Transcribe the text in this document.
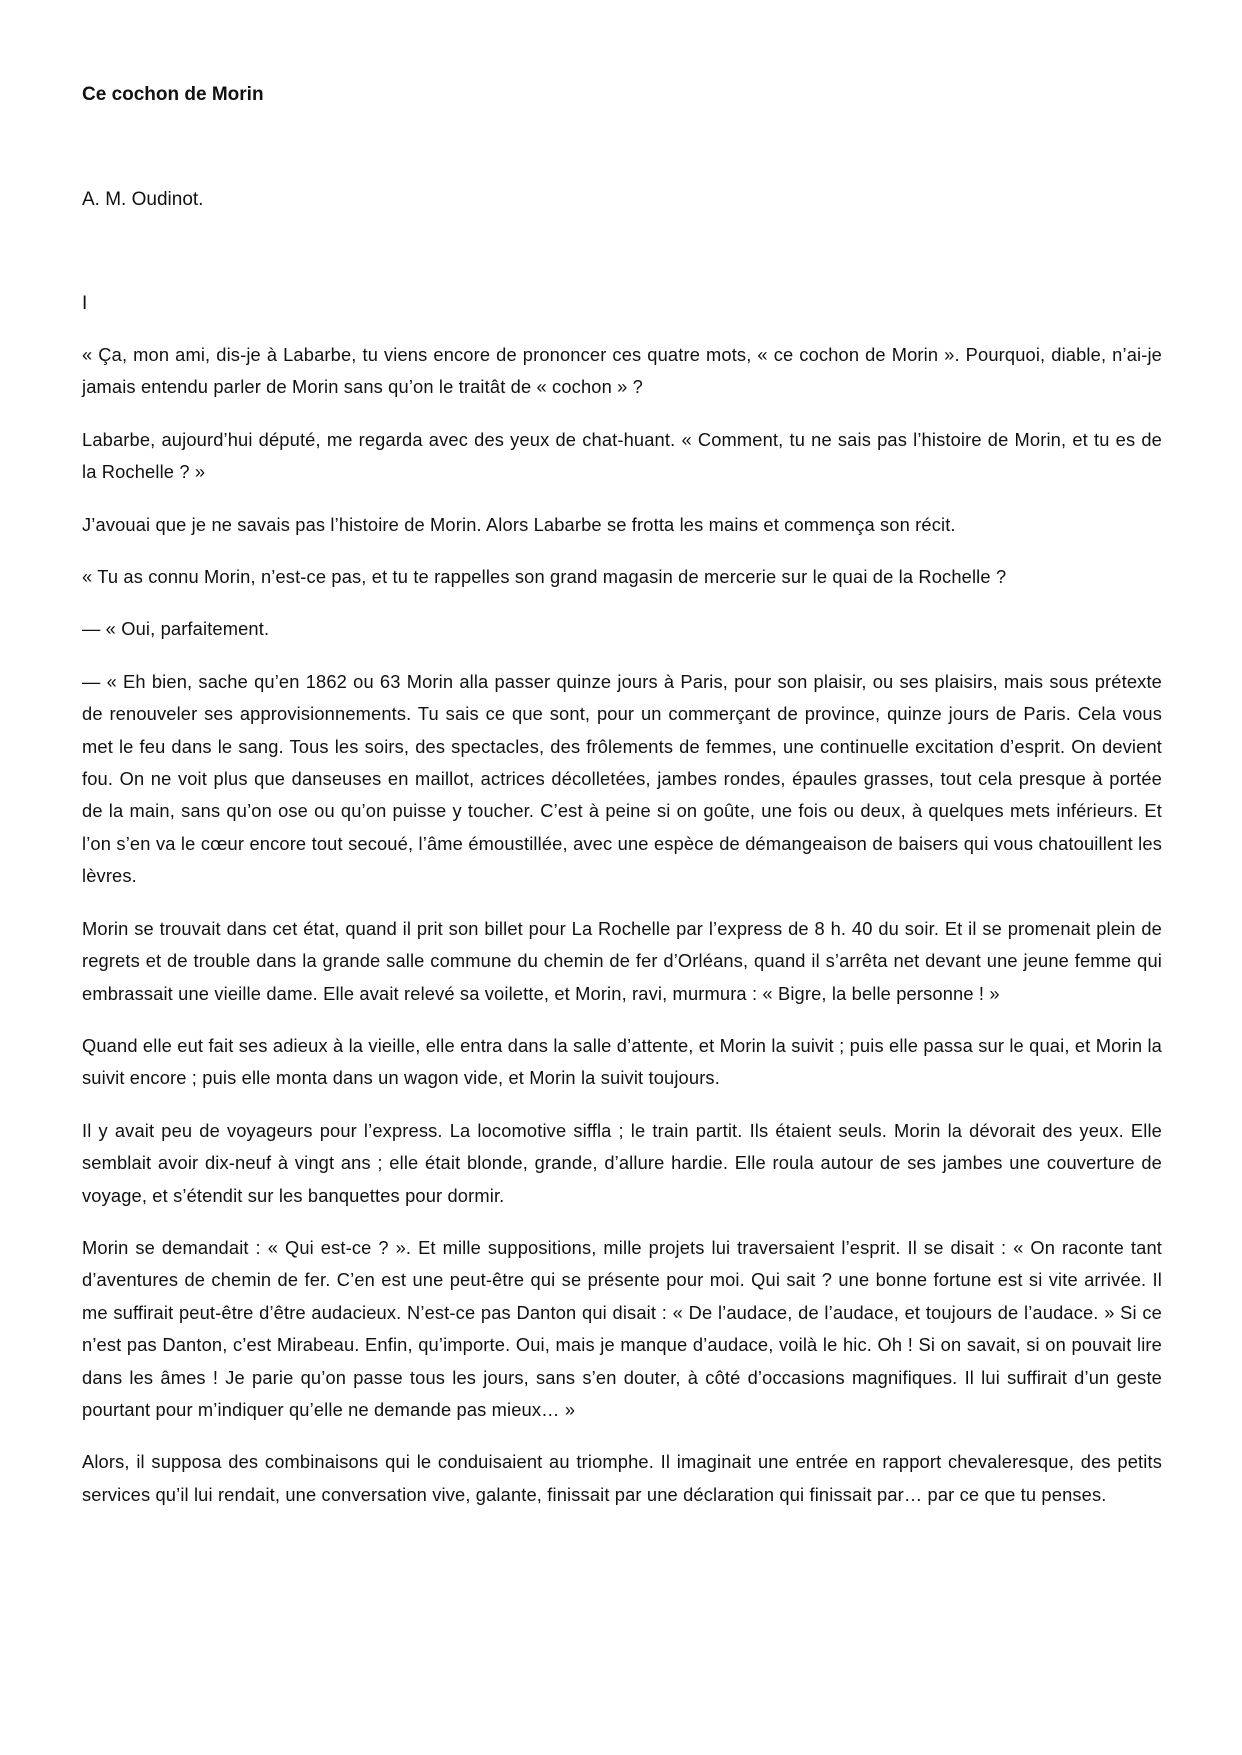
Ce cochon de Morin

A. M. Oudinot.

I

« Ça, mon ami, dis-je à Labarbe, tu viens encore de prononcer ces quatre mots, « ce cochon de Morin ». Pourquoi, diable, n’ai-je jamais entendu parler de Morin sans qu’on le traitât de « cochon » ?

Labarbe, aujourd’hui député, me regarda avec des yeux de chat-huant. « Comment, tu ne sais pas l’histoire de Morin, et tu es de la Rochelle ? »

J’avouai que je ne savais pas l’histoire de Morin. Alors Labarbe se frotta les mains et commença son récit.

« Tu as connu Morin, n’est-ce pas, et tu te rappelles son grand magasin de mercerie sur le quai de la Rochelle ?

— « Oui, parfaitement.

— « Eh bien, sache qu’en 1862 ou 63 Morin alla passer quinze jours à Paris, pour son plaisir, ou ses plaisirs, mais sous prétexte de renouveler ses approvisionnements. Tu sais ce que sont, pour un commerçant de province, quinze jours de Paris. Cela vous met le feu dans le sang. Tous les soirs, des spectacles, des frôlements de femmes, une continuelle excitation d’esprit. On devient fou. On ne voit plus que danseuses en maillot, actrices décolletées, jambes rondes, épaules grasses, tout cela presque à portée de la main, sans qu’on ose ou qu’on puisse y toucher. C’est à peine si on goûte, une fois ou deux, à quelques mets inférieurs. Et l’on s’en va le cœur encore tout secoué, l’âme émoustillée, avec une espèce de démangeaison de baisers qui vous chatouillent les lèvres.

Morin se trouvait dans cet état, quand il prit son billet pour La Rochelle par l’express de 8 h. 40 du soir. Et il se promenait plein de regrets et de trouble dans la grande salle commune du chemin de fer d’Orléans, quand il s’arrêta net devant une jeune femme qui embrassait une vieille dame. Elle avait relevé sa voilette, et Morin, ravi, murmura : « Bigre, la belle personne ! »

Quand elle eut fait ses adieux à la vieille, elle entra dans la salle d’attente, et Morin la suivit ; puis elle passa sur le quai, et Morin la suivit encore ; puis elle monta dans un wagon vide, et Morin la suivit toujours.

Il y avait peu de voyageurs pour l’express. La locomotive siffla ; le train partit. Ils étaient seuls. Morin la dévorait des yeux. Elle semblait avoir dix-neuf à vingt ans ; elle était blonde, grande, d’allure hardie. Elle roula autour de ses jambes une couverture de voyage, et s’étendit sur les banquettes pour dormir.

Morin se demandait : « Qui est-ce ? ». Et mille suppositions, mille projets lui traversaient l’esprit. Il se disait : « On raconte tant d’aventures de chemin de fer. C’en est une peut-être qui se présente pour moi. Qui sait ? une bonne fortune est si vite arrivée. Il me suffirait peut-être d’être audacieux. N’est-ce pas Danton qui disait : « De l’audace, de l’audace, et toujours de l’audace. » Si ce n’est pas Danton, c’est Mirabeau. Enfin, qu’importe. Oui, mais je manque d’audace, voilà le hic. Oh ! Si on savait, si on pouvait lire dans les âmes ! Je parie qu’on passe tous les jours, sans s’en douter, à côté d’occasions magnifiques. Il lui suffirait d’un geste pourtant pour m’indiquer qu’elle ne demande pas mieux… »

Alors, il supposa des combinaisons qui le conduisaient au triomphe. Il imaginait une entrée en rapport chevaleresque, des petits services qu’il lui rendait, une conversation vive, galante, finissait par une déclaration qui finissait par… par ce que tu penses.
